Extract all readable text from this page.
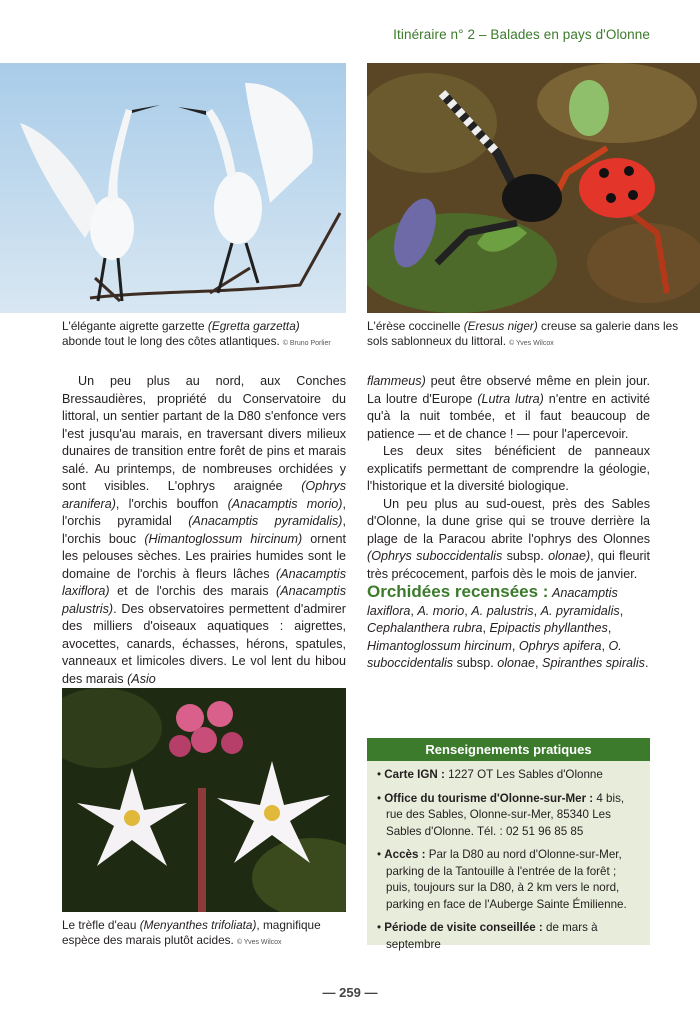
Itinéraire n° 2 – Balades en pays d'Olonne
L'élégante aigrette garzette (Egretta garzetta)
abonde tout le long des côtes atlantiques. © Bruno Porlier
L'érèse coccinelle (Eresus niger) creuse sa galerie dans les sols sablonneux du littoral. © Yves Wilcox

Un peu plus au nord, aux Conches Bressaudières, propriété du Conservatoire du littoral, un sentier partant de la D80 s'enfonce vers l'est jusqu'au marais, en traversant divers milieux dunaires de transition entre forêt de pins et marais salé. Au printemps, de nombreuses orchidées y sont visibles. L'ophrys araignée (Ophrys aranifera), l'orchis bouffon (Anacamptis morio), l'orchis pyramidal (Anacamptis pyramidalis), l'orchis bouc (Himantoglossum hircinum) ornent les pelouses sèches. Les prairies humides sont le domaine de l'orchis à fleurs lâches (Anacamptis laxiflora) et de l'orchis des marais (Anacamptis palustris). Des observatoires permettent d'admirer des milliers d'oiseaux aquatiques : aigrettes, avocettes, canards, échasses, hérons, spatules, vanneaux et limicoles divers. Le vol lent du hibou des marais (Asio

flammeus) peut être observé même en plein jour. La loutre d'Europe (Lutra lutra) n'entre en activité qu'à la nuit tombée, et il faut beaucoup de patience — et de chance ! — pour l'apercevoir.

Les deux sites bénéficient de panneaux explicatifs permettant de comprendre la géologie, l'historique et la diversité biologique.

Un peu plus au sud-ouest, près des Sables d'Olonne, la dune grise qui se trouve derrière la plage de la Paracou abrite l'ophrys des Olonnes (Ophrys suboccidentalis subsp. olonae), qui fleurit très précocement, parfois dès le mois de janvier.

Orchidées recensées : Anacamptis laxiflora, A. morio, A. palustris, A. pyramidalis, Cephalanthera rubra, Epipactis phyllanthes, Himantoglossum hircinum, Ophrys apifera, O. suboccidentalis subsp. olonae, Spiranthes spiralis.

Le trèfle d'eau (Menyanthes trifoliata), magnifique espèce des marais plutôt acides. © Yves Wilcox
Renseignements pratiques
• Carte IGN : 1227 OT Les Sables d'Olonne
• Office du tourisme d'Olonne-sur-Mer : 4 bis, rue des Sables, Olonne-sur-Mer, 85340 Les Sables d'Olonne. Tél. : 02 51 96 85 85
• Accès : Par la D80 au nord d'Olonne-sur-Mer, parking de la Tantouille à l'entrée de la forêt ; puis, toujours sur la D80, à 2 km vers le nord, parking en face de l'Auberge Sainte Émilienne.
• Période de visite conseillée : de mars à septembre
— 259 —
